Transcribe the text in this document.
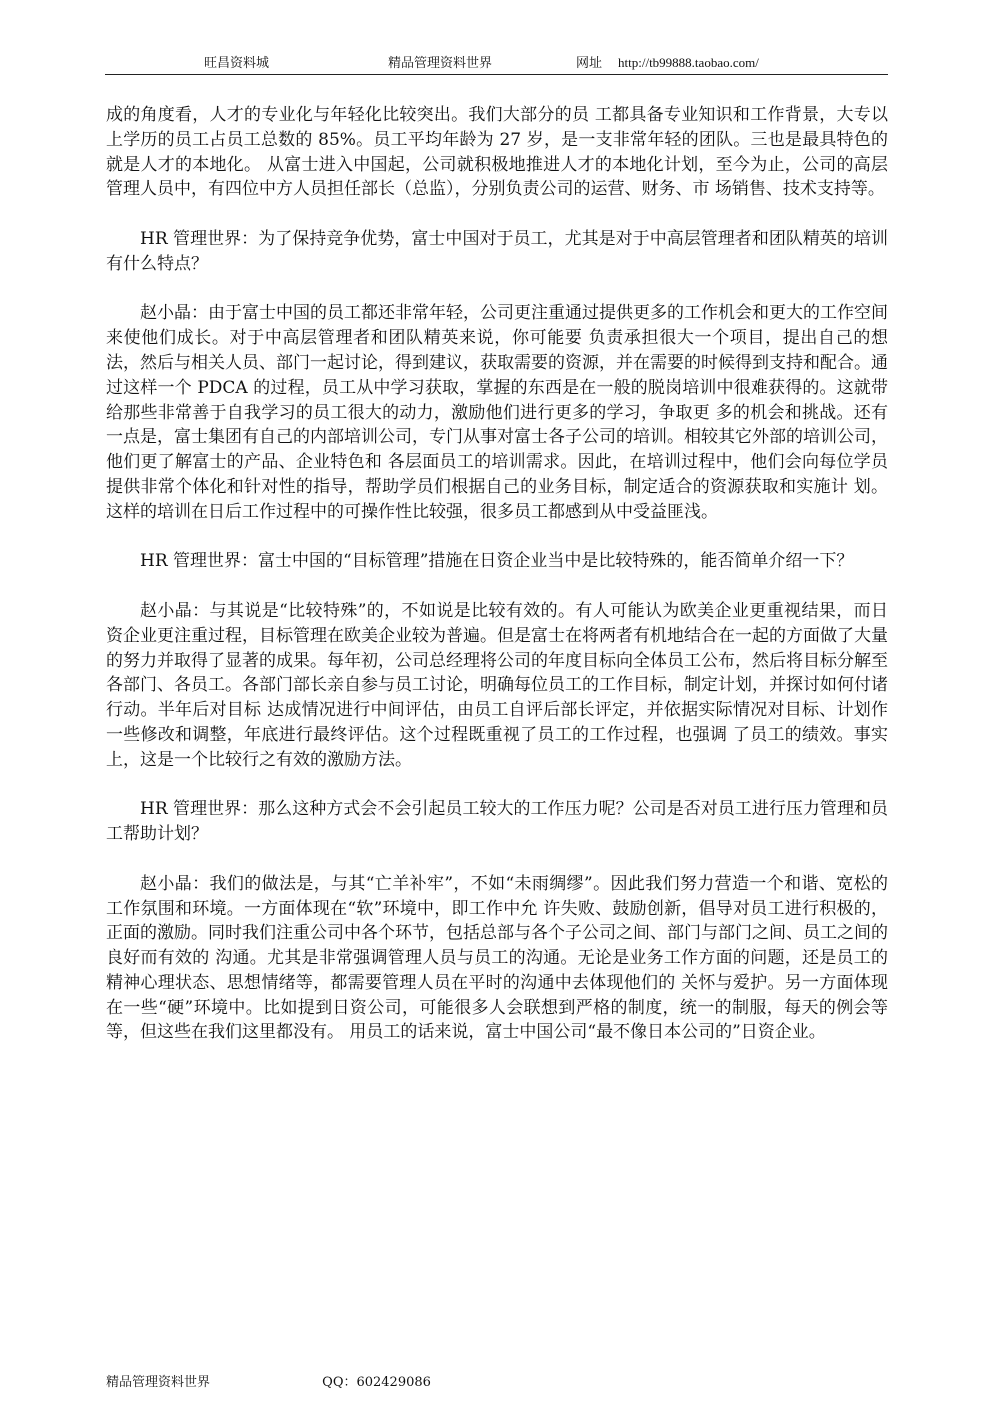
旺昌资料城	精品管理资料世界	网址 http://tb99888.taobao.com/

成的角度看，人才的专业化与年轻化比较突出。我们大部分的员 工都具备专业知识和工作背景，大专以上学历的员工占员工总数的 85%。员工平均年龄为 27 岁，是一支非常年轻的团队。三也是最具特色的就是人才的本地化。 从富士进入中国起，公司就积极地推进人才的本地化计划，至今为止，公司的高层管理人员中，有四位中方人员担任部长（总监），分别负责公司的运营、财务、市 场销售、技术支持等。

HR 管理世界：为了保持竞争优势，富士中国对于员工，尤其是对于中高层管理者和团队精英的培训有什么特点？

赵小晶：由于富士中国的员工都还非常年轻，公司更注重通过提供更多的工作机会和更大的工作空间来使他们成长。对于中高层管理者和团队精英来说，你可能要 负责承担很大一个项目，提出自己的想法，然后与相关人员、部门一起讨论，得到建议，获取需要的资源，并在需要的时候得到支持和配合。通过这样一个 PDCA 的过程，员工从中学习获取，掌握的东西是在一般的脱岗培训中很难获得的。这就带给那些非常善于自我学习的员工很大的动力，激励他们进行更多的学习，争取更 多的机会和挑战。还有一点是，富士集团有自己的内部培训公司，专门从事对富士各子公司的培训。相较其它外部的培训公司，他们更了解富士的产品、企业特色和 各层面员工的培训需求。因此，在培训过程中，他们会向每位学员提供非常个体化和针对性的指导，帮助学员们根据自己的业务目标，制定适合的资源获取和实施计 划。这样的培训在日后工作过程中的可操作性比较强，很多员工都感到从中受益匪浅。

HR 管理世界：富士中国的“目标管理”措施在日资企业当中是比较特殊的，能否简单介绍一下？

赵小晶：与其说是“比较特殊”的，不如说是比较有效的。有人可能认为欧美企业更重视结果，而日资企业更注重过程，目标管理在欧美企业较为普遍。但是富士在将两者有机地结合在一起的方面做了大量的努力并取得了显著的成果。每年初，公司总经理将公司的年度目标向全体员工公布，然后将目标分解至各部门、各员工。各部门部长亲自参与员工讨论，明确每位员工的工作目标，制定计划，并探讨如何付诸行动。半年后对目标 达成情况进行中间评估，由员工自评后部长评定，并依据实际情况对目标、计划作一些修改和调整，年底进行最终评估。这个过程既重视了员工的工作过程，也强调 了员工的绩效。事实上，这是一个比较行之有效的激励方法。

HR 管理世界：那么这种方式会不会引起员工较大的工作压力呢？公司是否对员工进行压力管理和员工帮助计划？

赵小晶：我们的做法是，与其“亡羊补牢”，不如“未雨绸缪”。因此我们努力营造一个和谐、宽松的工作氛围和环境。一方面体现在“软”环境中，即工作中允 许失败、鼓励创新，倡导对员工进行积极的，正面的激励。同时我们注重公司中各个环节，包括总部与各个子公司之间、部门与部门之间、员工之间的良好而有效的 沟通。尤其是非常强调管理人员与员工的沟通。无论是业务工作方面的问题，还是员工的精神心理状态、思想情绪等，都需要管理人员在平时的沟通中去体现他们的 关怀与爱护。另一方面体现在一些“硬”环境中。比如提到日资公司，可能很多人会联想到严格的制度，统一的制服，每天的例会等等，但这些在我们这里都没有。 用员工的话来说，富士中国公司“最不像日本公司的”日资企业。

精品管理资料世界	QQ：602429086
